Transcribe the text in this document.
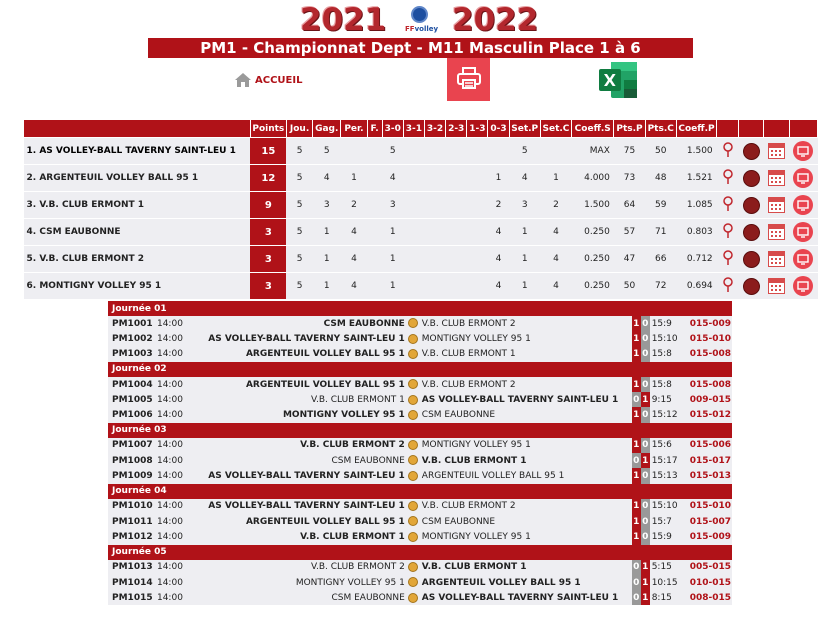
2021	FFvolley 2022
PM1 - Championnat Dept - M11 Masculin Place 1 à 6
ACCUEIL
	Points	Jou.	Gag.	Per.	F.	3-0	3-1	3-2	2-3	1-3	0-3	Set.P	Set.C	Coeff.S	Pts.P	Pts.C	Coeff.P				
1. AS VOLLEY-BALL TAVERNY SAINT-LEU 1	15	5	5			5						5		MAX	75	50	1.500			

2. ARGENTEUIL VOLLEY BALL 95 1	12	5	4	1		4					1	4	1	4.000	73	48	1.521			

3. V.B. CLUB ERMONT 1	9	5	3	2		3					2	3	2	1.500	64	59	1.085			

4. CSM EAUBONNE	3	5	1	4		1					4	1	4	0.250	57	71	0.803			

5. V.B. CLUB ERMONT 2	3	5	1	4		1					4	1	4	0.250	47	66	0.712			

6. MONTIGNY VOLLEY 95 1	3	5	1	4		1					4	1	4	0.250	50	72	0.694			

Journée 01								
PM1001	14:00	CSM EAUBONNE		V.B. CLUB ERMONT 2	1	0	15:9	015-009
PM1002	14:00	AS VOLLEY-BALL TAVERNY SAINT-LEU 1		MONTIGNY VOLLEY 95 1	1	0	15:10	015-010
PM1003	14:00	ARGENTEUIL VOLLEY BALL 95 1		V.B. CLUB ERMONT 1	1	0	15:8	015-008
Journée 02								
PM1004	14:00	ARGENTEUIL VOLLEY BALL 95 1		V.B. CLUB ERMONT 2	1	0	15:8	015-008
PM1005	14:00	V.B. CLUB ERMONT 1		AS VOLLEY-BALL TAVERNY SAINT-LEU 1	0	1	9:15	009-015
PM1006	14:00	MONTIGNY VOLLEY 95 1		CSM EAUBONNE	1	0	15:12	015-012
Journée 03								
PM1007	14:00	V.B. CLUB ERMONT 2		MONTIGNY VOLLEY 95 1	1	0	15:6	015-006
PM1008	14:00	CSM EAUBONNE		V.B. CLUB ERMONT 1	0	1	15:17	015-017
PM1009	14:00	AS VOLLEY-BALL TAVERNY SAINT-LEU 1		ARGENTEUIL VOLLEY BALL 95 1	1	0	15:13	015-013
Journée 04								
PM1010	14:00	AS VOLLEY-BALL TAVERNY SAINT-LEU 1		V.B. CLUB ERMONT 2	1	0	15:10	015-010
PM1011	14:00	ARGENTEUIL VOLLEY BALL 95 1		CSM EAUBONNE	1	0	15:7	015-007
PM1012	14:00	V.B. CLUB ERMONT 1		MONTIGNY VOLLEY 95 1	1	0	15:9	015-009
Journée 05								
PM1013	14:00	V.B. CLUB ERMONT 2		V.B. CLUB ERMONT 1	0	1	5:15	005-015
PM1014	14:00	MONTIGNY VOLLEY 95 1		ARGENTEUIL VOLLEY BALL 95 1	0	1	10:15	010-015
PM1015	14:00	CSM EAUBONNE		AS VOLLEY-BALL TAVERNY SAINT-LEU 1	0	1	8:15	008-015
